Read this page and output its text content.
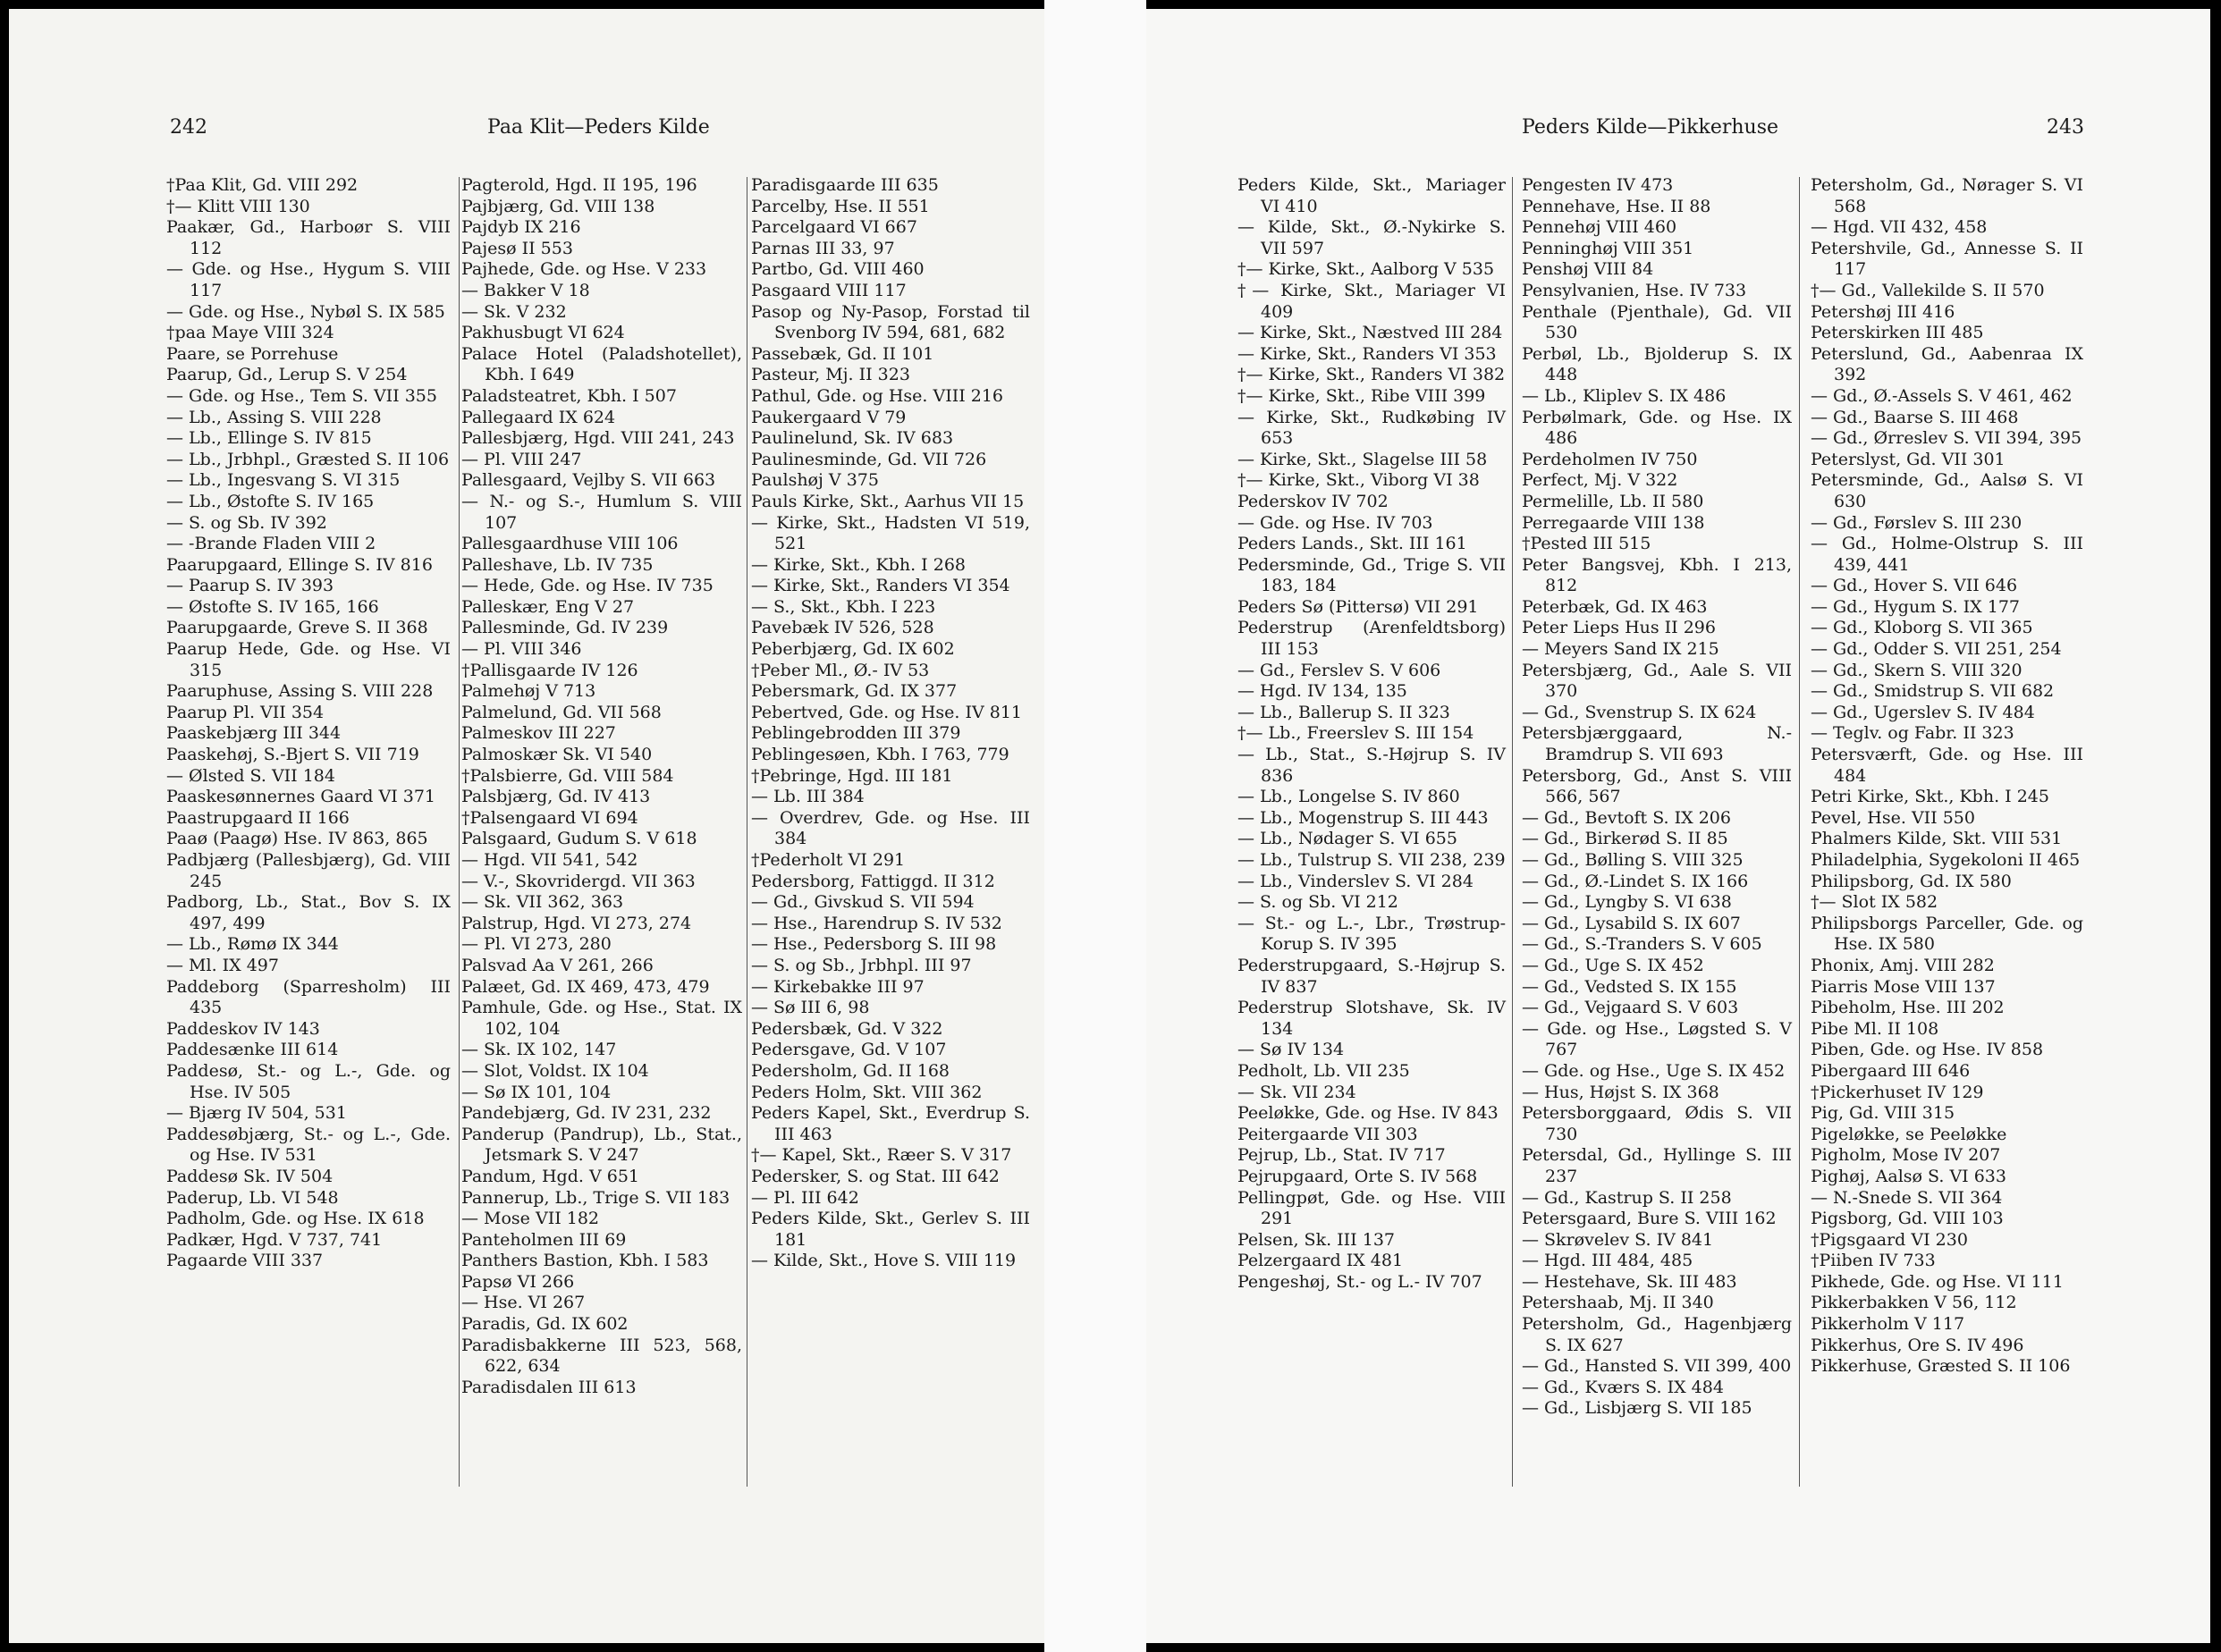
242	Paa Klit—Peders Kilde
†Paa Klit, Gd. VIII 292
†— Klitt VIII 130
Paakær, Gd., Harboør S. VIII 112
— Gde. og Hse., Hygum S. VIII 117
— Gde. og Hse., Nybøl S. IX 585
†paa Maye VIII 324
Paare, se Porrehuse
Paarup, Gd., Lerup S. V 254
— Gde. og Hse., Tem S. VII 355
— Lb., Assing S. VIII 228
— Lb., Ellinge S. IV 815
— Lb., Jrbhpl., Græsted S. II 106
— Lb., Ingesvang S. VI 315
— Lb., Østofte S. IV 165
— S. og Sb. IV 392
— -Brande Fladen VIII 2
Paarupgaard, Ellinge S. IV 816
— Paarup S. IV 393
— Østofte S. IV 165, 166
Paarupgaarde, Greve S. II 368
Paarup Hede, Gde. og Hse. VI 315
Paaruphuse, Assing S. VIII 228
Paarup Pl. VII 354
Paaskebjærg III 344
Paaskehøj, S.-Bjert S. VII 719
— Ølsted S. VII 184
Paaskesønnernes Gaard VI 371
Paastrupgaard II 166
Paaø (Paagø) Hse. IV 863, 865
Padbjærg (Pallesbjærg), Gd. VIII 245
Padborg, Lb., Stat., Bov S. IX 497, 499
— Lb., Rømø IX 344
— Ml. IX 497
Paddeborg (Sparresholm) III 435
Paddeskov IV 143
Paddesænke III 614
Paddesø, St.- og L.-, Gde. og Hse. IV 505
— Bjærg IV 504, 531
Paddesøbjærg, St.- og L.-, Gde. og Hse. IV 531
Paddesø Sk. IV 504
Paderup, Lb. VI 548
Padholm, Gde. og Hse. IX 618
Padkær, Hgd. V 737, 741
Pagaarde VIII 337
Pagterold, Hgd. II 195, 196
Pajbjærg, Gd. VIII 138
Pajdyb IX 216
Pajesø II 553
Pajhede, Gde. og Hse. V 233
— Bakker V 18
— Sk. V 232
Pakhusbugt VI 624
Palace Hotel (Paladshotellet), Kbh. I 649
Paladsteatret, Kbh. I 507
Pallegaard IX 624
Pallesbjærg, Hgd. VIII 241, 243
— Pl. VIII 247
Pallesgaard, Vejlby S. VII 663
— N.- og S.-, Humlum S. VIII 107
Pallesgaardhuse VIII 106
Palleshave, Lb. IV 735
— Hede, Gde. og Hse. IV 735
Palleskær, Eng V 27
Pallesminde, Gd. IV 239
— Pl. VIII 346
†Pallisgaarde IV 126
Palmehøj V 713
Palmelund, Gd. VII 568
Palmeskov III 227
Palmoskær Sk. VI 540
†Palsbierre, Gd. VIII 584
Palsbjærg, Gd. IV 413
†Palsengaard VI 694
Palsgaard, Gudum S. V 618
— Hgd. VII 541, 542
— V.-, Skovridergd. VII 363
— Sk. VII 362, 363
Palstrup, Hgd. VI 273, 274
— Pl. VI 273, 280
Palsvad Aa V 261, 266
Palæet, Gd. IX 469, 473, 479
Pamhule, Gde. og Hse., Stat. IX 102, 104
— Sk. IX 102, 147
— Slot, Voldst. IX 104
— Sø IX 101, 104
Pandebjærg, Gd. IV 231, 232
Panderup (Pandrup), Lb., Stat., Jetsmark S. V 247
Pandum, Hgd. V 651
Pannerup, Lb., Trige S. VII 183
— Mose VII 182
Panteholmen III 69
Panthers Bastion, Kbh. I 583
Papsø VI 266
— Hse. VI 267
Paradis, Gd. IX 602
Paradisbakkerne III 523, 568, 622, 634
Paradisdalen III 613
Paradisgaarde III 635
Parcelby, Hse. II 551
Parcelgaard VI 667
Parnas III 33, 97
Partbo, Gd. VIII 460
Pasgaard VIII 117
Pasop og Ny-Pasop, Forstad til Svenborg IV 594, 681, 682
Passebæk, Gd. II 101
Pasteur, Mj. II 323
Pathul, Gde. og Hse. VIII 216
Paukergaard V 79
Paulinelund, Sk. IV 683
Paulinesminde, Gd. VII 726
Paulshøj V 375
Pauls Kirke, Skt., Aarhus VII 15
— Kirke, Skt., Hadsten VI 519, 521
— Kirke, Skt., Kbh. I 268
— Kirke, Skt., Randers VI 354
— S., Skt., Kbh. I 223
Pavebæk IV 526, 528
Peberbjærg, Gd. IX 602
†Peber Ml., Ø.- IV 53
Pebersmark, Gd. IX 377
Pebertved, Gde. og Hse. IV 811
Peblingebrodden III 379
Peblingesøen, Kbh. I 763, 779
†Pebringe, Hgd. III 181
— Lb. III 384
— Overdrev, Gde. og Hse. III 384
†Pederholt VI 291
Pedersborg, Fattiggd. II 312
— Gd., Givskud S. VII 594
— Hse., Harendrup S. IV 532
— Hse., Pedersborg S. III 98
— S. og Sb., Jrbhpl. III 97
— Kirkebakke III 97
— Sø III 6, 98
Pedersbæk, Gd. V 322
Pedersgave, Gd. V 107
Pedersholm, Gd. II 168
Peders Holm, Skt. VIII 362
Peders Kapel, Skt., Everdrup S. III 463
†— Kapel, Skt., Ræer S. V 317
Pedersker, S. og Stat. III 642
— Pl. III 642
Peders Kilde, Skt., Gerlev S. III 181
— Kilde, Skt., Hove S. VIII 119
Peders Kilde—Pikkerhuse	243
Peders Kilde, Skt., Mariager VI 410
— Kilde, Skt., Ø.-Nykirke S. VII 597
†— Kirke, Skt., Aalborg V 535
†— Kirke, Skt., Mariager VI 409
— Kirke, Skt., Næstved III 284
— Kirke, Skt., Randers VI 353
†— Kirke, Skt., Randers VI 382
†— Kirke, Skt., Ribe VIII 399
— Kirke, Skt., Rudkøbing IV 653
— Kirke, Skt., Slagelse III 58
†— Kirke, Skt., Viborg VI 38
Pederskov IV 702
— Gde. og Hse. IV 703
Peders Lands., Skt. III 161
Pedersminde, Gd., Trige S. VII 183, 184
Peders Sø (Pittersø) VII 291
Pederstrup (Arenfeldtsborg) III 153
— Gd., Ferslev S. V 606
— Hgd. IV 134, 135
— Lb., Ballerup S. II 323
†— Lb., Freerslev S. III 154
— Lb., Stat., S.-Højrup S. IV 836
— Lb., Longelse S. IV 860
— Lb., Mogenstrup S. III 443
— Lb., Nødager S. VI 655
— Lb., Tulstrup S. VII 238, 239
— Lb., Vinderslev S. VI 284
— S. og Sb. VI 212
— St.- og L.-, Lbr., Trøstrup-Korup S. IV 395
Pederstrupgaard, S.-Højrup S. IV 837
Pederstrup Slotshave, Sk. IV 134
— Sø IV 134
Pedholt, Lb. VII 235
— Sk. VII 234
Peeløkke, Gde. og Hse. IV 843
Peitergaarde VII 303
Pejrup, Lb., Stat. IV 717
Pejrupgaard, Orte S. IV 568
Pellingpøt, Gde. og Hse. VIII 291
Pelsen, Sk. III 137
Pelzergaard IX 481
Pengeshøj, St.- og L.- IV 707
Pengesten IV 473
Pennehave, Hse. II 88
Pennehøj VIII 460
Penninghøj VIII 351
Penshøj VIII 84
Pensylvanien, Hse. IV 733
Penthale (Pjenthale), Gd. VII 530
Perbøl, Lb., Bjolderup S. IX 448
— Lb., Kliplev S. IX 486
Perbølmark, Gde. og Hse. IX 486
Perdeholmen IV 750
Perfect, Mj. V 322
Permelille, Lb. II 580
Perregaarde VIII 138
†Pested III 515
Peter Bangsvej, Kbh. I 213, 812
Peterbæk, Gd. IX 463
Peter Lieps Hus II 296
— Meyers Sand IX 215
Petersbjærg, Gd., Aale S. VII 370
— Gd., Svenstrup S. IX 624
Petersbjærggaard, N.-Bramdrup S. VII 693
Petersborg, Gd., Anst S. VIII 566, 567
— Gd., Bevtoft S. IX 206
— Gd., Birkerød S. II 85
— Gd., Bølling S. VIII 325
— Gd., Ø.-Lindet S. IX 166
— Gd., Lyngby S. VI 638
— Gd., Lysabild S. IX 607
— Gd., S.-Tranders S. V 605
— Gd., Uge S. IX 452
— Gd., Vedsted S. IX 155
— Gd., Vejgaard S. V 603
— Gde. og Hse., Løgsted S. V 767
— Gde. og Hse., Uge S. IX 452
— Hus, Højst S. IX 368
Petersborggaard, Ødis S. VII 730
Petersdal, Gd., Hyllinge S. III 237
— Gd., Kastrup S. II 258
Petersgaard, Bure S. VIII 162
— Skrøvelev S. IV 841
— Hgd. III 484, 485
— Hestehave, Sk. III 483
Petershaab, Mj. II 340
Petersholm, Gd., Hagenbjærg S. IX 627
— Gd., Hansted S. VII 399, 400
— Gd., Kværs S. IX 484
— Gd., Lisbjærg S. VII 185
Petersholm, Gd., Nørager S. VI 568
— Hgd. VII 432, 458
Petershvile, Gd., Annesse S. II 117
†— Gd., Vallekilde S. II 570
Petershøj III 416
Peterskirken III 485
Peterslund, Gd., Aabenraa IX 392
— Gd., Ø.-Assels S. V 461, 462
— Gd., Baarse S. III 468
— Gd., Ørreslev S. VII 394, 395
Peterslyst, Gd. VII 301
Petersminde, Gd., Aalsø S. VI 630
— Gd., Førslev S. III 230
— Gd., Holme-Olstrup S. III 439, 441
— Gd., Hover S. VII 646
— Gd., Hygum S. IX 177
— Gd., Kloborg S. VII 365
— Gd., Odder S. VII 251, 254
— Gd., Skern S. VIII 320
— Gd., Smidstrup S. VII 682
— Gd., Ugerslev S. IV 484
— Teglv. og Fabr. II 323
Petersværft, Gde. og Hse. III 484
Petri Kirke, Skt., Kbh. I 245
Pevel, Hse. VII 550
Phalmers Kilde, Skt. VIII 531
Philadelphia, Sygekoloni II 465
Philipsborg, Gd. IX 580
†— Slot IX 582
Philipsborgs Parceller, Gde. og Hse. IX 580
Phonix, Amj. VIII 282
Piarris Mose VIII 137
Pibeholm, Hse. III 202
Pibe Ml. II 108
Piben, Gde. og Hse. IV 858
Pibergaard III 646
†Pickerhuset IV 129
Pig, Gd. VIII 315
Pigeløkke, se Peeløkke
Pigholm, Mose IV 207
Pighøj, Aalsø S. VI 633
— N.-Snede S. VII 364
Pigsborg, Gd. VIII 103
†Pigsgaard VI 230
†Piiben IV 733
Pikhede, Gde. og Hse. VI 111
Pikkerbakken V 56, 112
Pikkerholm V 117
Pikkerhus, Ore S. IV 496
Pikkerhuse, Græsted S. II 106
